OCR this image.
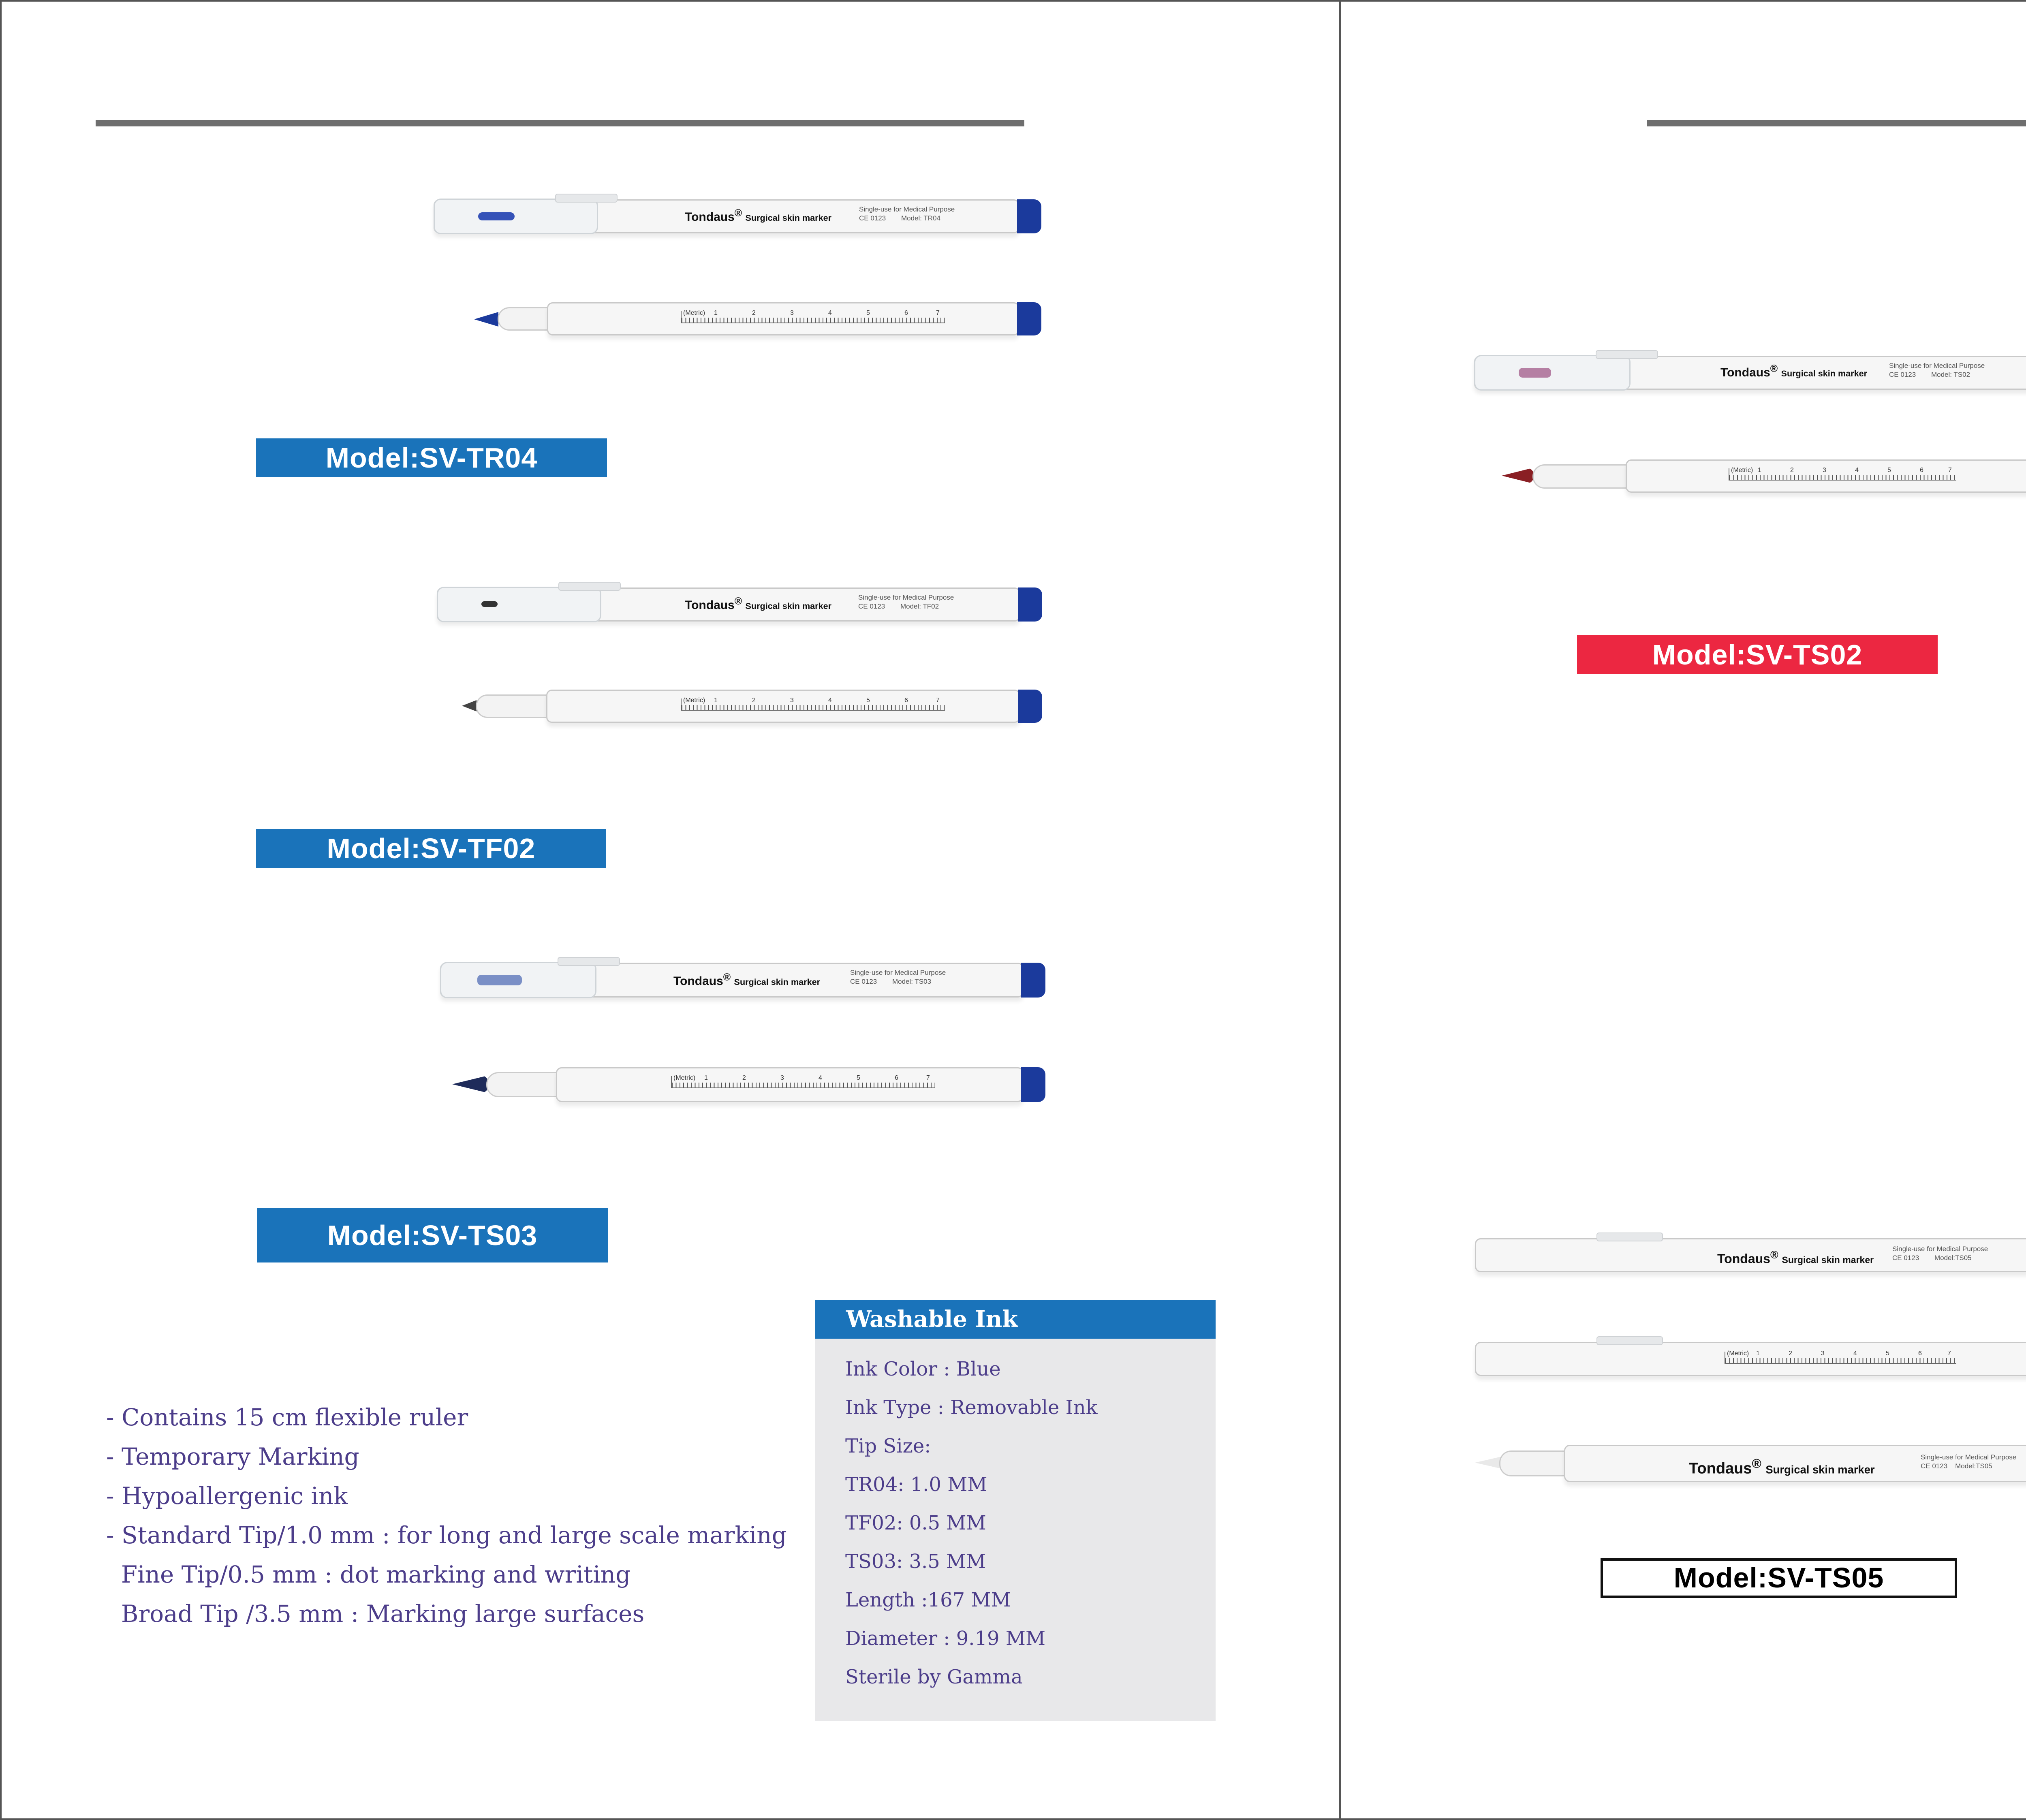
Tondaus® Surgical skin marker
Single-use for Medical Purpose
CE 0123 Model: TR04
(Metric) 1	2	3	4	5	6	7
Model:SV-TR04
Tondaus® Surgical skin marker
Single-use for Medical Purpose
CE 0123 Model: TF02
(Metric) 1	2	3	4	5	6	7
Model:SV-TF02
Tondaus® Surgical skin marker
Single-use for Medical Purpose
CE 0123 Model: TS03
(Metric) 1	2	3	4	5	6	7
Model:SV-TS03
- Contains 15 cm flexible ruler
- Temporary Marking
- Hypoallergenic ink
- Standard Tip/1.0 mm : for long and large scale marking
Fine Tip/0.5 mm : dot marking and writing
Broad Tip /3.5 mm : Marking large surfaces
Washable Ink
Ink Color : Blue
Ink Type : Removable Ink
Tip Size:
TR04: 1.0 MM
TF02: 0.5 MM
TS03: 3.5 MM
Length :167 MM
Diameter : 9.19 MM
Sterile by Gamma
Tondaus® Surgical skin marker
Single-use for Medical Purpose
CE 0123 Model: TS02
(Metric) 1	2	3	4	5	6	7
Model:SV-TS02
Tondaus® Surgical skin marker
Single-use for Medical Purpose
CE 0123 Model:TS05
(Metric) 1	2	3	4	5	6	7
Tondaus® Surgical skin marker
Single-use for Medical Purpose
CE 0123 Model:TS05
Model:SV-TS05
